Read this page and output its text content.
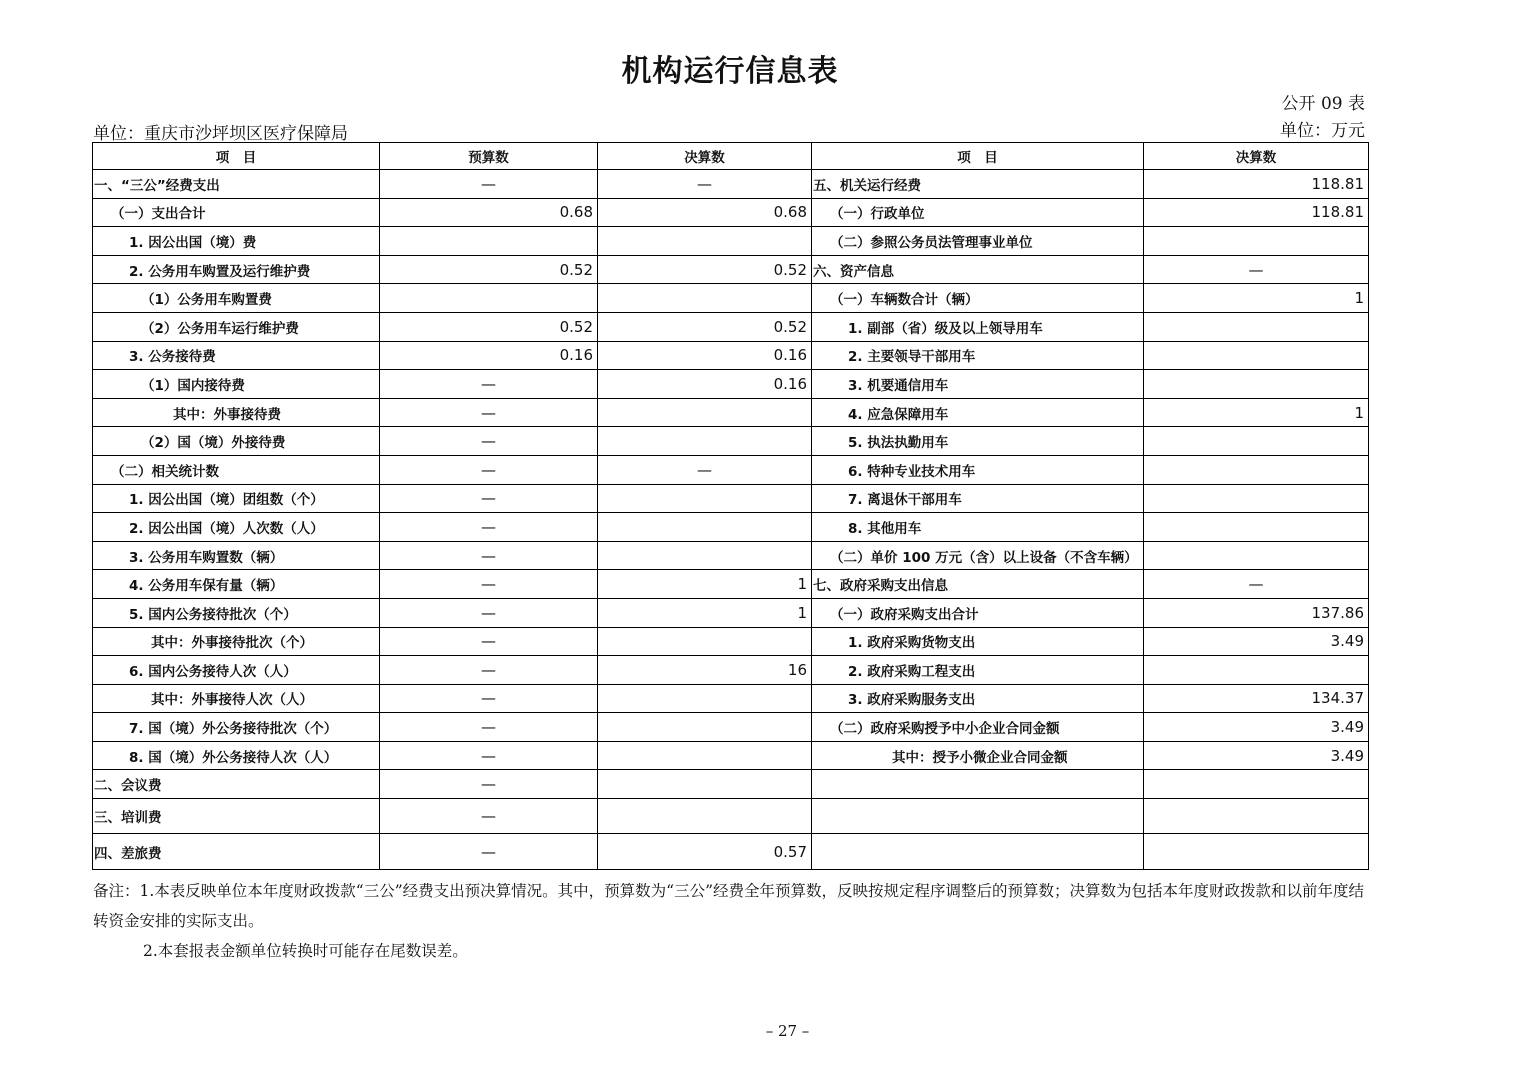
机构运行信息表
公开 09 表
单位：重庆市沙坪坝区医疗保障局	单位：万元
项　目	预算数	决算数	项　目	决算数
一、“三公”经费支出	—	—	五、机关运行经费	118.81
（一）支出合计	0.68	0.68	（一）行政单位	118.81
1. 因公出国（境）费			（二）参照公务员法管理事业单位	
2. 公务用车购置及运行维护费	0.52	0.52	六、资产信息	—
（1）公务用车购置费			（一）车辆数合计（辆）	1
（2）公务用车运行维护费	0.52	0.52	1. 副部（省）级及以上领导用车	
3. 公务接待费	0.16	0.16	2. 主要领导干部用车	
（1）国内接待费	—	0.16	3. 机要通信用车	
其中：外事接待费	—		4. 应急保障用车	1
（2）国（境）外接待费	—		5. 执法执勤用车	
（二）相关统计数	—	—	6. 特种专业技术用车	
1. 因公出国（境）团组数（个）	—		7. 离退休干部用车	
2. 因公出国（境）人次数（人）	—		8. 其他用车	
3. 公务用车购置数（辆）	—		（二）单价 100 万元（含）以上设备（不含车辆）	
4. 公务用车保有量（辆）	—	1	七、政府采购支出信息	—
5. 国内公务接待批次（个）	—	1	（一）政府采购支出合计	137.86
其中：外事接待批次（个）	—		1. 政府采购货物支出	3.49
6. 国内公务接待人次（人）	—	16	2. 政府采购工程支出	
其中：外事接待人次（人）	—		3. 政府采购服务支出	134.37
7. 国（境）外公务接待批次（个）	—		（二）政府采购授予中小企业合同金额	3.49
8. 国（境）外公务接待人次（人）	—		其中：授予小微企业合同金额	3.49
二、会议费	—			
三、培训费	—			
四、差旅费	—	0.57		

备注：1.本表反映单位本年度财政拨款“三公”经费支出预决算情况。其中，预算数为“三公”经费全年预算数，反映按规定程序调整后的预算数；决算数为包括本年度财政拨款和以前年度结转资金安排的实际支出。

2.本套报表金额单位转换时可能存在尾数误差。

– 27 –
